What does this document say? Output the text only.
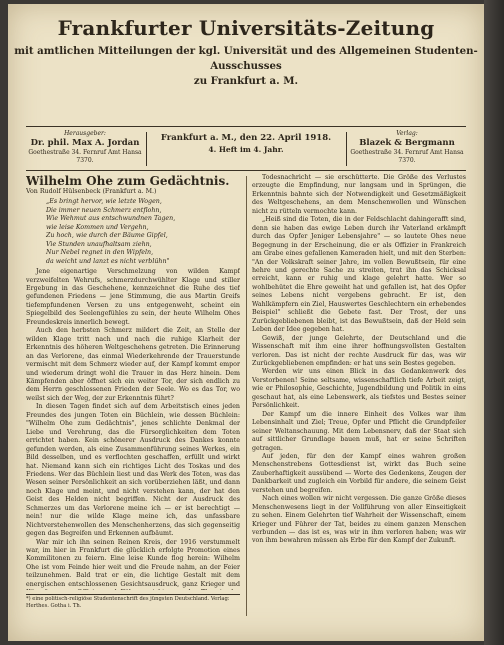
Frankfurter Universitäts-Zeitung
mit amtlichen Mitteilungen der kgl. Universität und des Allgemeinen Studenten-Ausschusses
zu Frankfurt a. M.
Herausgeber:
Dr. phil. Max A. Jordan
Goethestraße 34. Fernruf Amt Hansa 7370.
Frankfurt a. M., den 22. April 1918.
4. Heft im 4. Jahr.
Verlag:
Blazek & Bergmann
Goethestraße 34. Fernruf Amt Hansa 7370.

Wilhelm Ohe zum Gedächtnis.

Von Rudolf Hülsenbeck (Frankfurt a. M.)

„Es bringt hervor, wie letzte Wogen,

Die immer neuen Schmerz entflohn,

Wie Wehmut aus entschwundnen Tagen,

wie leise Kommen und Vergehn,

Zu hoch, wie durch der Bäume Gipfel,

Vie Stunden unaufhaltsam ziehn,

Nur Nebel regnet in den Wipfeln,

da weicht und lanzt es nicht verblühn"

Jene eigenartige Verschmelzung von wilden Kampf verzweifelten Wehrufs, schmerzdurchwühlter Klage und stiller Ergebung in das Geschehene, kennzeichnet die Ruhe des tief gefundenen Friedens — jene Stimmung, die aus Martin Greifs tiefempfundenen Versen zu uns entgegenweht, scheint ein Spiegelbild des Seelengefühles zu sein, der heute Wilhelm Ohes Freundeskreis innerlich bewegt.

Auch den herbsten Schmerz mildert die Zeit, an Stelle der wilden Klage tritt nach und nach die ruhige Klarheit der Erkenntnis des höheren Weltgeschehens getreten. Die Erinnerung an das Verlorene, das einmal Wiederkehrende der Trauerstunde vermischt mit dem Schmerz wieder auf, der Kampf kommt empor und wiederum dringt wohl die Trauer in das Herz hinein. Dem Kämpfenden aber öffnet sich ein weiter Tor, der sich endlich zu dem Herrn geschlossenen Frieden der Seele. Wo es das Tor, wo weilst sich der Weg, der zur Erkenntnis führt?

In diesen Tagen findet sich auf dem Arbeitstisch eines jeden Freundes des jungen Toten ein Büchlein, wie dessen Büchlein: "Wilhelm Ohe zum Gedächtnis", jenes schlichte Denkmal der Liebe und Verehrung, das die Fürsorglichkeiten dem Toten errichtet haben. Kein schönerer Ausdruck des Dankes konnte gefunden werden, als eine Zusammenführung seines Werkes, ein Bild desselben, und es verflochten geschaffen, erfüllt und wirkt hat. Niemand kann sich ein richtiges Licht des Toskas und des Friedens. Wer das Büchlein liest und das Werk des Toten, was das Wesen seiner Persönlichkeit an sich vorüberziehen läßt, und dann noch Klage und meint, und nicht verstehen kann, der hat den Geist des Helden nicht begriffen. Nicht der Ausdruck des Schmerzes um das Verlorene meine ich — er ist berechtigt — nein! nur die wilde Klage meine ich, das unfassbare Nichtverstehenwollen des Menschenherzens, das sich gegenseitig gegen das Begreifen und Erkennen aufbäumt.

War mir ich ihn seinen Reinen Kreis, der 1916 verstummelt war, im hier in Frankfurt die glücklich erfolgte Promotion eines Kommilitonen zu feiern. Eine leise Kunde flog herein: Wilhelm Ohe ist vom Feinde hier weit und die Freude nahm, an der Feier teilzunehmen. Bald trat er ein, die lichtige Gestalt mit dem energischen entschlossenen Gesichtsausdruck, ganz Krieger und

*) eine politisch-religiöse Studentenschrift des jüngsten Deutschland. Verlag: Herthes. Gotha i. Th.

Todesnachricht — sie erschütterte. Die Größe des Verlustes erzeugte die Empfindung, nur langsam und in Sprüngen, die Erkenntnis bahnte sich der Notwendigkeit und Gesetzmäßigkeit des Weltgeschehens, an dem Menschenwollen und Wünschen nicht zu rütteln vermochte kann.

„Heiß sind die Toten, die in der Feldschlacht dahingerafft sind, denn sie haben das ewige Leben durch ihr Vaterland erkämpft durch das Opfer Jeniger Lebensjahre" — so lautete Ohes neue Begegnung in der Erscheinung, die er als Offizier in Frankreich am Grabe eines gefallenen Kameraden hielt, und mit den Sterben: "An der Volkskraft seiner Jahre, im vollen Bewußtsein, für eine hehre und gerechte Sache zu streiten, trat ihn das Schicksal erreicht, kann er ruhig und klage gelehrt hatte. Wer so wohlbehütet die Ehre geweiht hat und gefallen ist, hat des Opfer seines Lebens nicht vergebens gebracht. Er ist, den Wahlkämpfern ein Ziel, Hauswertes Geschlechtern ein erhebendes Beispiel" schließt die Gebete fast. Der Trost, der uns Zurückgebliebenen bleibt, ist das Bewußtsein, daß der Held sein Leben der Idee gegeben hat.

Gewiß, der junge Gelehrte, der Deutschland und die Wissenschaft mit ihm eine ihrer hoffnungsvollsten Gestalten verloren. Das ist nicht der rechte Ausdruck für das, was wir Zurückgebliebenen empfinden: er hat uns sein Bestes gegeben.

Werden wir uns einen Blick in das Gedankenwerk des Verstorbenen! Seine seltsame, wissenschaftlich tiefe Arbeit zeigt, wie er Philosophie, Geschichte, Jugendbildung und Politik in eins geschaut hat, als eine Lebenswerk, als tiefstes und Bestes seiner Persönlichkeit.

Der Kampf um die innere Einheit des Volkes war ihm Lebensinhalt und Ziel; Treue, Opfer und Pflicht die Grundpfeiler seiner Weltanschauung. Mit dem Lebensnerv, daß der Staat sich auf sittlicher Grundlage bauen muß, hat er seine Schriften getragen.

Auf jeden, für den der Kampf eines wahren großen Menschenstrebens Gottesdienst ist, wirkt das Buch seine Zauberhaftigkeit aussübend — Worte des Gedenkens, Zeugen der Dankbarkeit und zugleich ein Vorbild für andere, die seinem Geist verstehen und begreifen.

Nach eines wollen wir nicht vergessen. Die ganze Größe dieses Menschenwesens liegt in der Vollführung von aller Einseitigkeit zu sehen. Einem Gelehrten tief Wahrheit der Wissenschaft, einem Krieger und Führer der Tat, beides zu einem ganzen Menschen verbunden — das ist es, was wir in ihm verloren haben; was wir von ihm bewahren müssen als Erbe für den Kampf der Zukunft.
